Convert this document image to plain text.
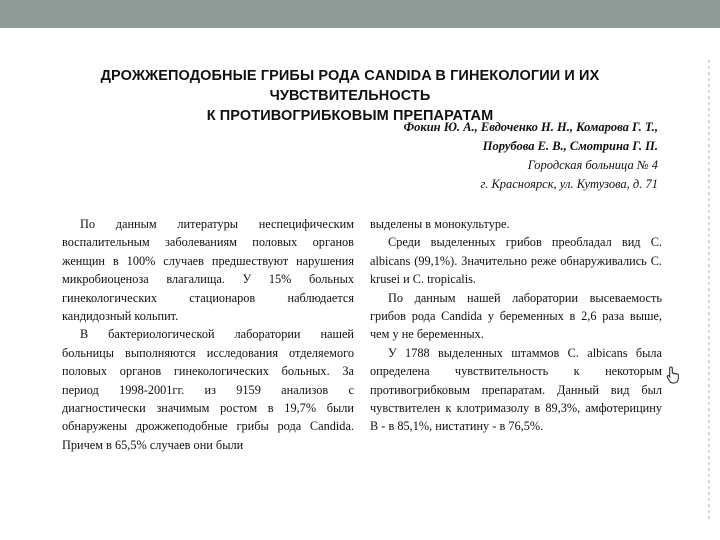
ДРОЖЖЕПОДОБНЫЕ ГРИБЫ РОДА CANDIDA В ГИНЕКОЛОГИИ И ИХ ЧУВСТВИТЕЛЬНОСТЬ
К ПРОТИВОГРИБКОВЫМ ПРЕПАРАТАМ
Фокин Ю. А., Евдоченко Н. Н., Комарова Г. Т.,
Порубова Е. В., Смотрина Г. П.
Городская больница № 4
г. Красноярск, ул. Кутузова, д. 71

По данным литературы неспецифическим воспалительным заболеваниям половых органов женщин в 100% случаев предшествуют нарушения микробиоценоза влагалища. У 15% больных гинекологических стационаров наблюдается кандидозный кольпит.

В бактериологической лаборатории нашей больницы выполняются исследования отделяемого половых органов гинекологических больных. За период 1998-2001гг. из 9159 анализов с диагностически значимым ростом в 19,7% были обнаружены дрожжеподобные грибы рода Candida. Причем в 65,5% случаев они были

выделены в монокультуре.

Среди выделенных грибов преобладал вид C. albicans (99,1%). Значительно реже обнаруживались C. krusei и C. tropicalis.

По данным нашей лаборатории высеваемость грибов рода Candida у беременных в 2,6 раза выше, чем у не беременных.

У 1788 выделенных штаммов C. albicans была определена чувствительность к некоторым противогрибковым препаратам. Данный вид был чувствителен к клотримазолу в 89,3%, амфотерицину В - в 85,1%, нистатину - в 76,5%.
